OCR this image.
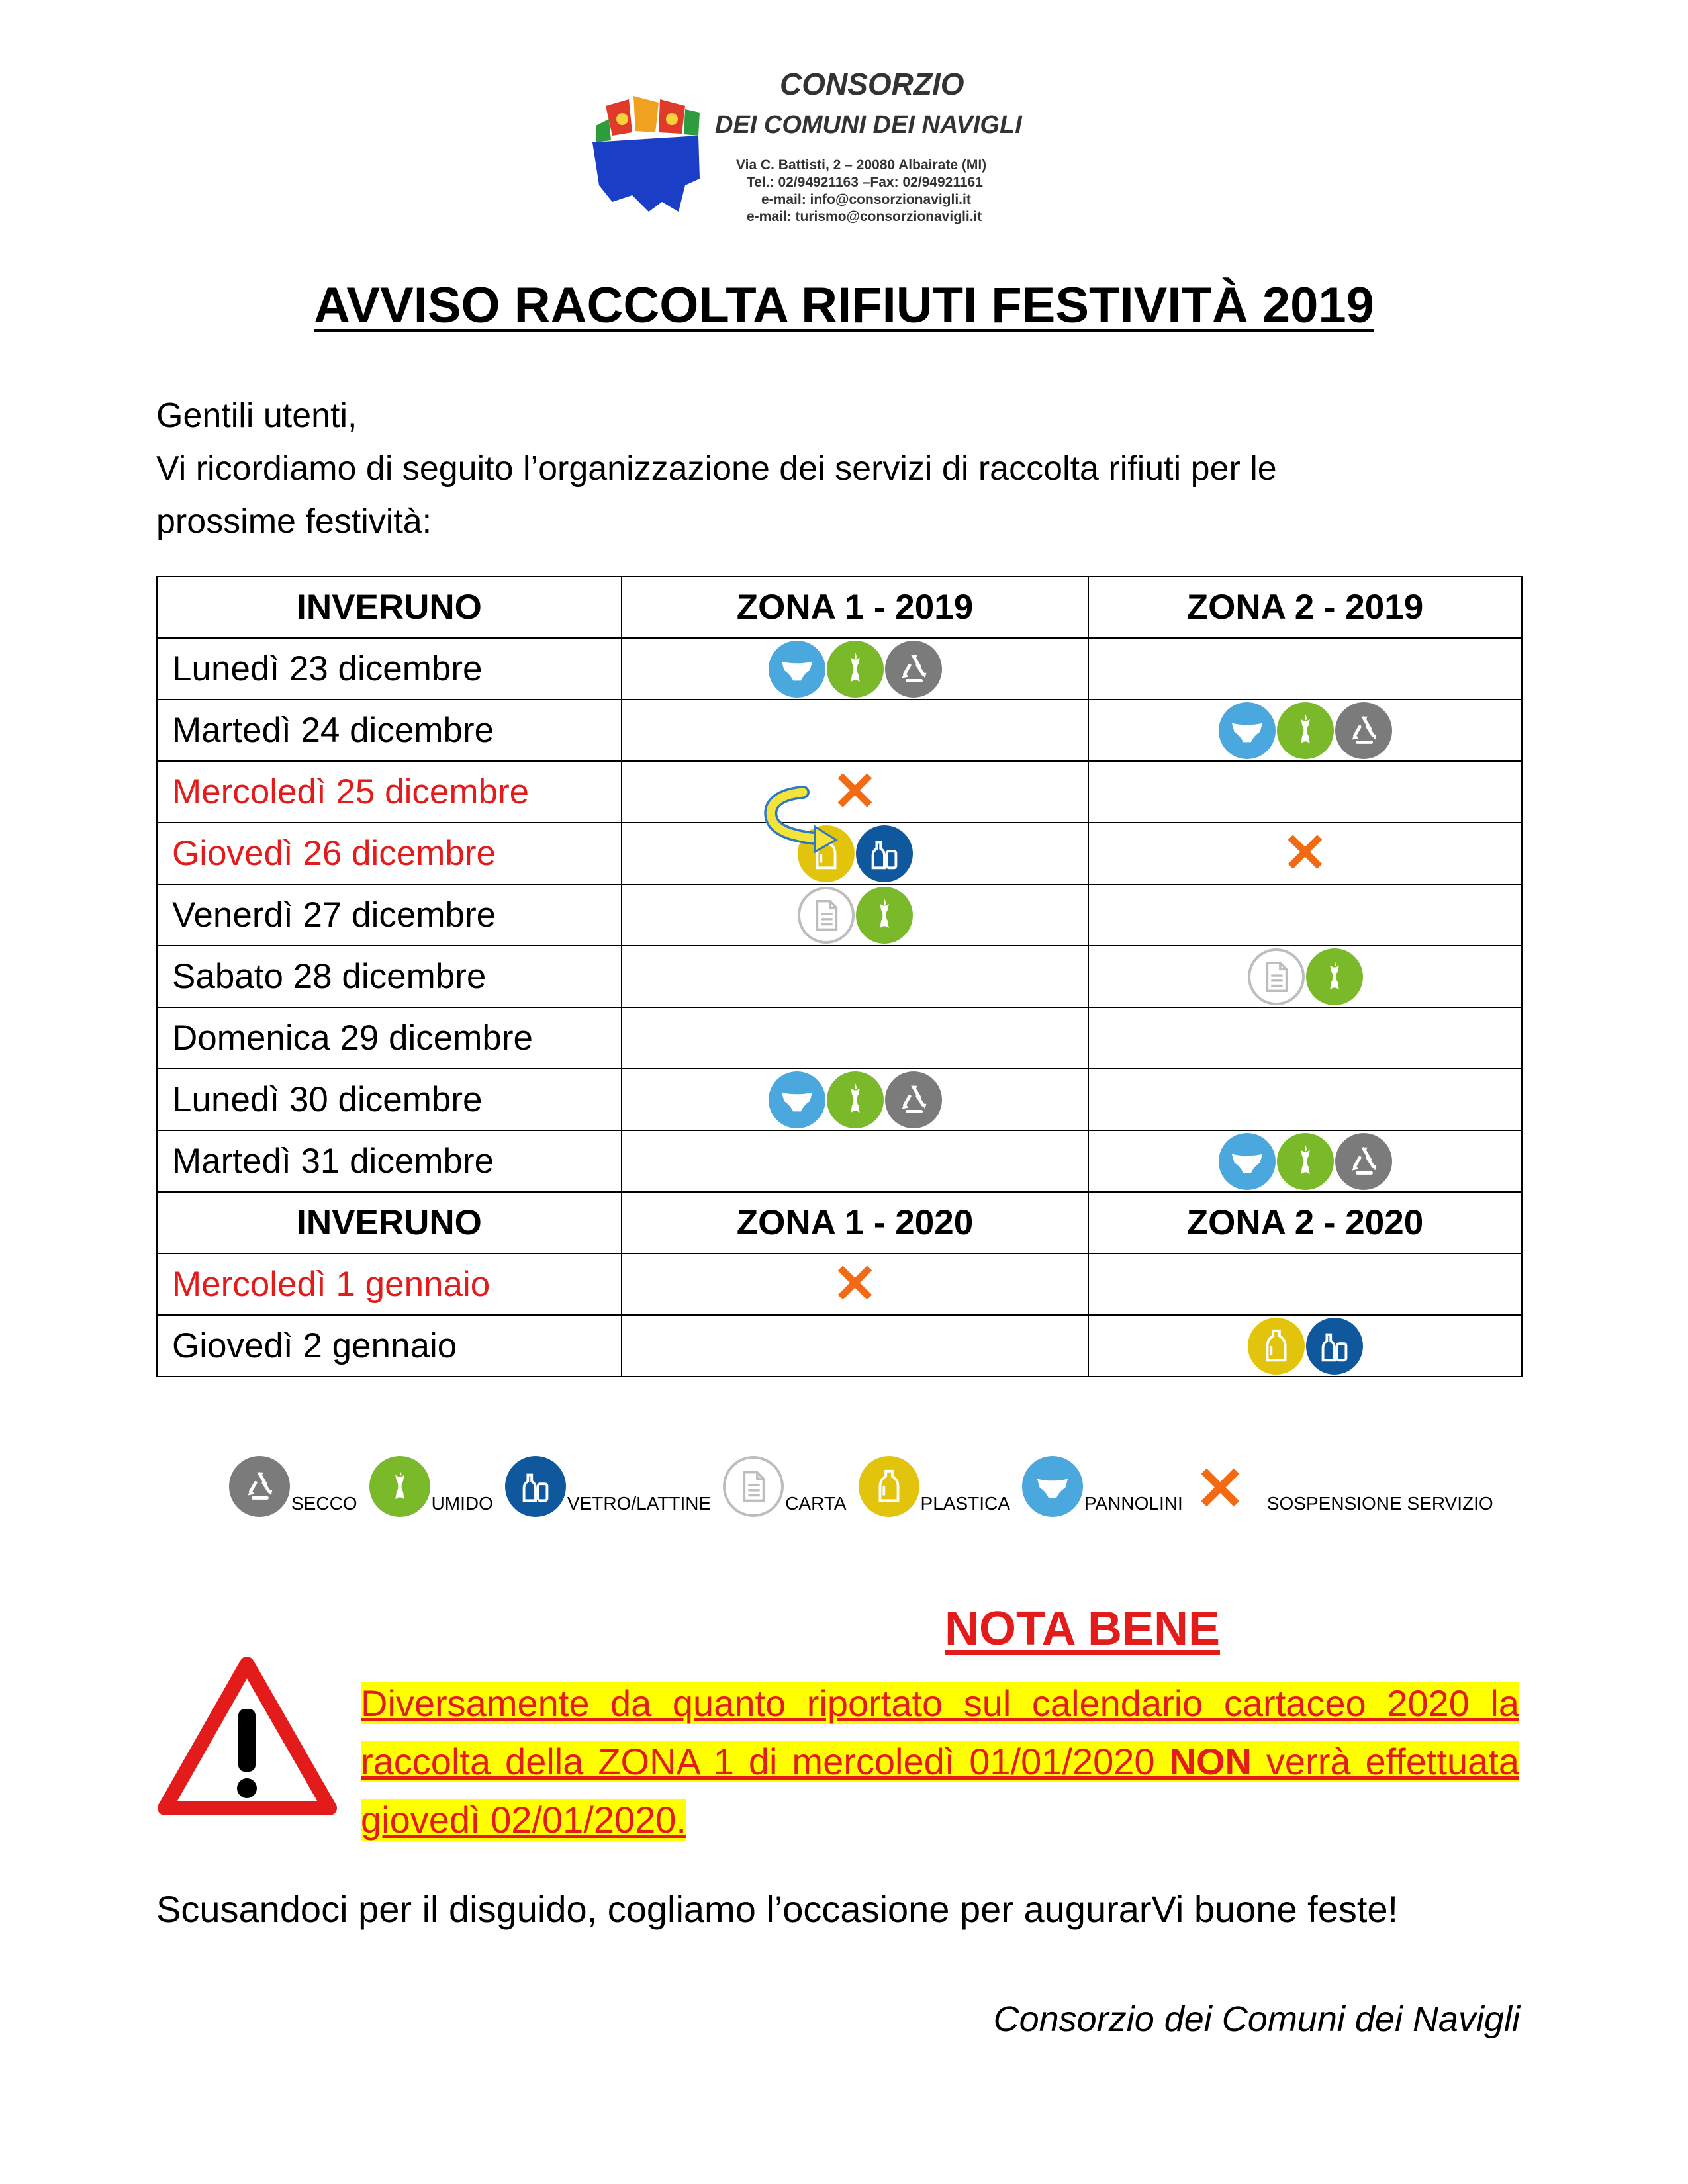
CONSORZIO
DEI COMUNI DEI NAVIGLI
Via C. Battisti, 2 – 20080 Albairate (MI)
Tel.: 02/94921163 –Fax: 02/94921161
e-mail: info@consorzionavigli.it
e-mail: turismo@consorzionavigli.it
AVVISO RACCOLTA RIFIUTI FESTIVITÀ 2019

Gentili utenti,

Vi ricordiamo di seguito l’organizzazione dei servizi di raccolta rifiuti per le

prossime festività:

INVERUNO	ZONA 1 - 2019	ZONA 2 - 2019
Lunedì 23 dicembre	

Martedì 24 dicembre		

Mercoledì 25 dicembre	✕	

Giovedì 26 dicembre		✕

Venerdì 27 dicembre	

Sabato 28 dicembre		

Domenica 29 dicembre		
Lunedì 30 dicembre	

Martedì 31 dicembre		

INVERUNO	ZONA 1 - 2020	ZONA 2 - 2020
Mercoledì 1 gennaio	✕	

Giovedì 2 gennaio		
SECCO	UMIDO	VETRO/LATTINE	CARTA	PLASTICA	PANNOLINI ✕ SOSPENSIONE SERVIZIO
NOTA BENE
Diversamente da quanto riportato sul calendario cartaceo 2020 la raccolta della ZONA 1 di mercoledì 01/01/2020 NON verrà effettuata giovedì 02/01/2020.
Scusandoci per il disguido, cogliamo l’occasione per augurarVi buone feste!
Consorzio dei Comuni dei Navigli
